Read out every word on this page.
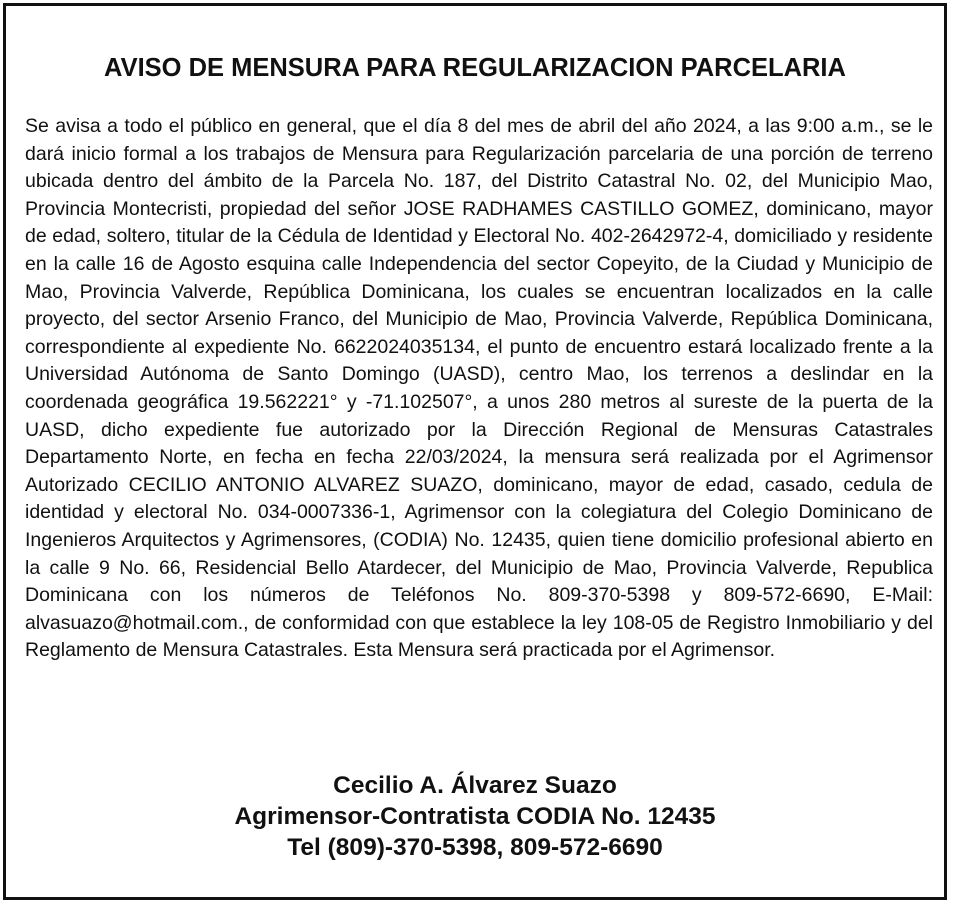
AVISO DE MENSURA PARA REGULARIZACION PARCELARIA

Se avisa a todo el público en general, que el día 8 del mes de abril del año 2024, a las 9:00 a.m., se le dará inicio formal a los trabajos de Mensura para Regularización parcelaria de una porción de terreno ubicada dentro del ámbito de la Parcela No. 187, del Distrito Catastral No. 02, del Municipio Mao, Provincia Montecristi, propiedad del señor JOSE RADHAMES CASTILLO GOMEZ, dominicano, mayor de edad, soltero, titular de la Cédula de Identidad y Electoral No. 402-2642972-4, domiciliado y residente en la calle 16 de Agosto esquina calle Independencia del sector Copeyito, de la Ciudad y Municipio de Mao, Provincia Valverde, República Dominicana, los cuales se encuentran localizados en la calle proyecto, del sector Arsenio Franco, del Municipio de Mao, Provincia Valverde, República Dominicana, correspondiente al expediente No. 6622024035134, el punto de encuentro estará localizado frente a la Universidad Autónoma de Santo Domingo (UASD), centro Mao, los terrenos a deslindar en la coordenada geográfica 19.562221° y -71.102507°, a unos 280 metros al sureste de la puerta de la UASD, dicho expediente fue autorizado por la Dirección Regional de Mensuras Catastrales Departamento Norte, en fecha en fecha 22/03/2024, la mensura será realizada por el Agrimensor Autorizado CECILIO ANTONIO ALVAREZ SUAZO, dominicano, mayor de edad, casado, cedula de identidad y electoral No. 034-0007336-1, Agrimensor con la colegiatura del Colegio Dominicano de Ingenieros Arquitectos y Agrimensores, (CODIA) No. 12435, quien tiene domicilio profesional abierto en la calle 9 No. 66, Residencial Bello Atardecer, del Municipio de Mao, Provincia Valverde, Republica Dominicana con los números de Teléfonos No. 809-370-5398 y 809-572-6690, E-Mail: alvasuazo@hotmail.com., de conformidad con que establece la ley 108-05 de Registro Inmobiliario y del Reglamento de Mensura Catastrales. Esta Mensura será practicada por el Agrimensor.

Cecilio A. Álvarez Suazo
Agrimensor-Contratista CODIA No. 12435
Tel (809)-370-5398, 809-572-6690
